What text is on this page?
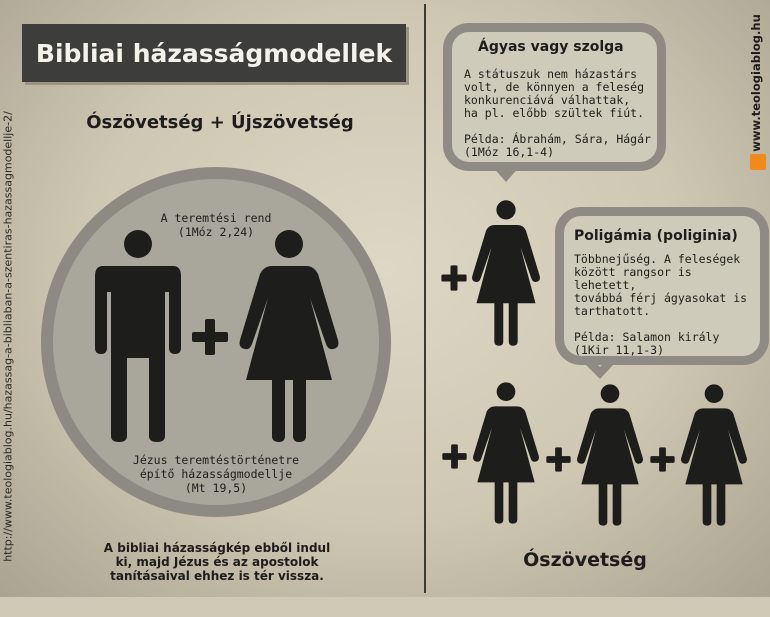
Bibliai házasságmodellek
Ószövetség + Újszövetség
A teremtési rend
(1Móz 2,24)
Jézus teremtéstörténetre
építő házasságmodellje
(Mt 19,5)
http://www.teologiablog.hu/hazassag-a-bibliaban-a-szentiras-hazassagmodellje-2/	A bibliai házasságkép ebből indul
ki, majd Jézus és az apostolok
tanításaival ehhez is tér vissza.
Ágyas vagy szolga
A státuszuk nem házastárs
volt, de könnyen a feleség
konkurenciává válhattak,
ha pl. előbb szültek fiút.

Példa: Ábrahám, Sára, Hágár
(1Móz 16,1-4)
Poligámia (poliginia)
Többnejűség. A feleségek
között rangsor is lehetett,
továbbá férj ágyasokat is
tarthatott.

Példa: Salamon király
(1Kir 11,1-3)
Ószövetség
www.teologiablog.hu
